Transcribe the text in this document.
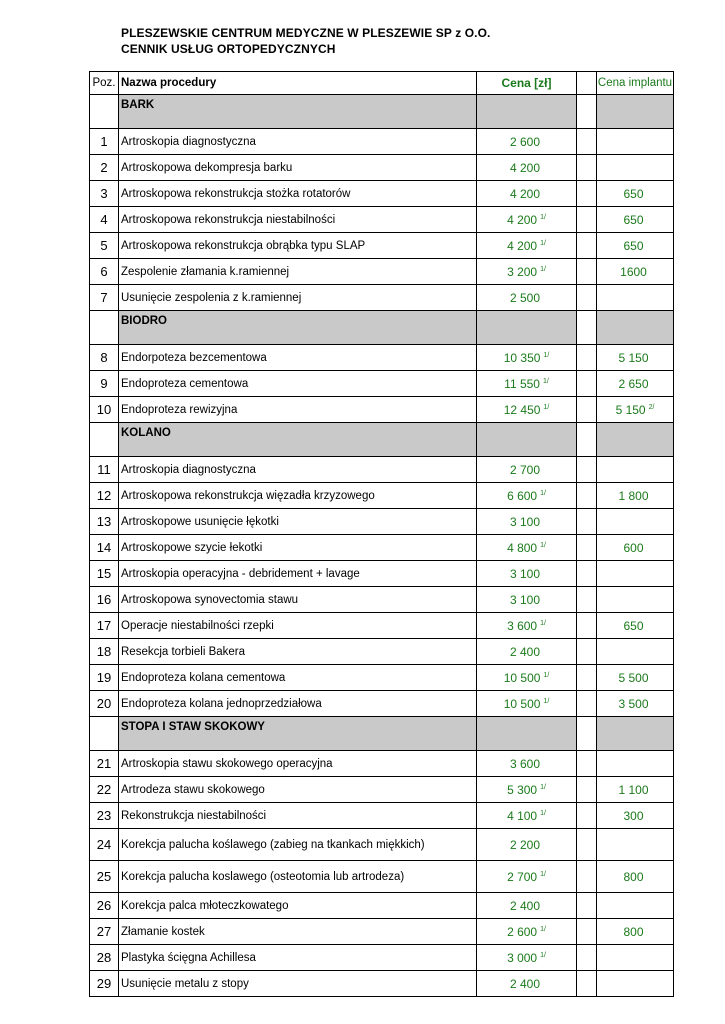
PLESZEWSKIE CENTRUM MEDYCZNE W PLESZEWIE SP z O.O.
CENNIK USŁUG ORTOPEDYCZNYCH
Poz.	Nazwa procedury	Cena [zł]		Cena implantu
	BARK			
1	Artroskopia diagnostyczna	2 600		
2	Artroskopowa dekompresja barku	4 200		
3	Artroskopowa rekonstrukcja stożka rotatorów	4 200		650
4	Artroskopowa rekonstrukcja niestabilności	4 200 $^{1/}$		650
5	Artroskopowa rekonstrukcja obrąbka typu SLAP	4 200 $^{1/}$		650
6	Zespolenie złamania k.ramiennej	3 200 $^{1/}$		1600
7	Usunięcie zespolenia z k.ramiennej	2 500		
	BIODRO			
8	Endorpoteza bezcementowa	10 350 $^{1/}$		5 150
9	Endoproteza cementowa	11 550 $^{1/}$		2 650
10	Endoproteza rewizyjna	12 450 $^{1/}$		5 150 $^{2/}$
	KOLANO			
11	Artroskopia diagnostyczna	2 700		
12	Artroskopowa rekonstrukcja więzadła krzyzowego	6 600 $^{1/}$		1 800
13	Artroskopowe usunięcie łękotki	3 100		
14	Artroskopowe szycie łekotki	4 800 $^{1/}$		600
15	Artroskopia operacyjna - debridement + lavage	3 100		
16	Artroskopowa synovectomia stawu	3 100		
17	Operacje niestabilności rzepki	3 600 $^{1/}$		650
18	Resekcja torbieli Bakera	2 400		
19	Endoproteza kolana cementowa	10 500 $^{1/}$		5 500
20	Endoproteza kolana jednoprzedziałowa	10 500 $^{1/}$		3 500
	STOPA I STAW SKOKOWY			
21	Artroskopia stawu skokowego operacyjna	3 600		
22	Artrodeza stawu skokowego	5 300 $^{1/}$		1 100
23	Rekonstrukcja niestabilności	4 100 $^{1/}$		300
24	Korekcja palucha koślawego (zabieg na tkankach miękkich)	2 200		
25	Korekcja palucha koslawego (osteotomia lub artrodeza)	2 700 $^{1/}$		800
26	Korekcja palca młoteczkowatego	2 400		
27	Złamanie kostek	2 600 $^{1/}$		800
28	Plastyka ścięgna Achillesa	3 000 $^{1/}$		
29	Usunięcie metalu z stopy	2 400		
